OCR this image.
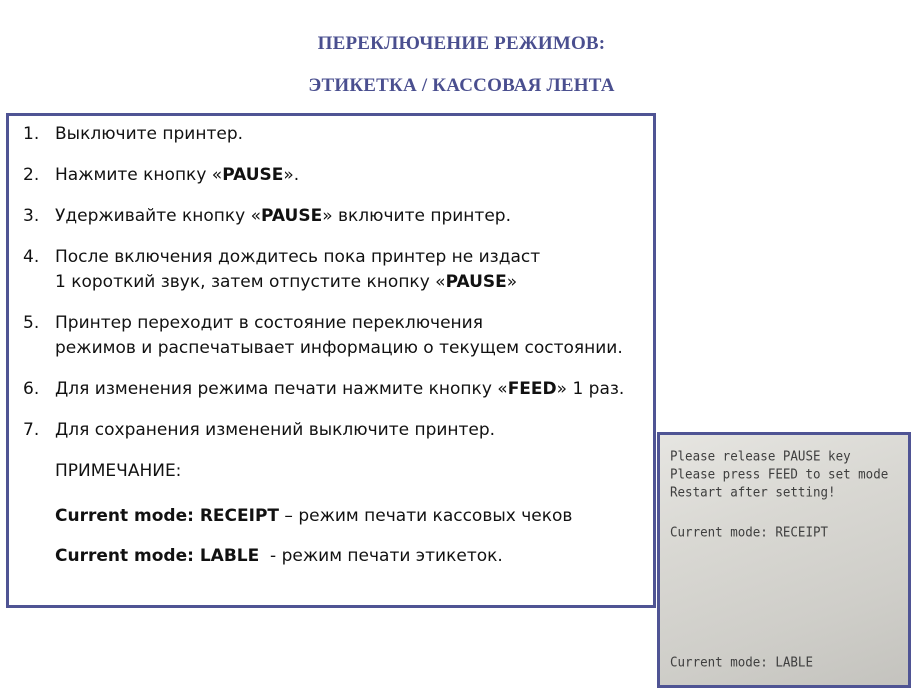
ПЕРЕКЛЮЧЕНИЕ РЕЖИМОВ:
ЭТИКЕТКА / КАССОВАЯ ЛЕНТА
1. Выключите принтер.
2. Нажмите кнопку «PAUSE».
3. Удерживайте кнопку «PAUSE» включите принтер.
4. После включения дождитесь пока принтер не издаст
1 короткий звук, затем отпустите кнопку «PAUSE»
5. Принтер переходит в состояние переключения
режимов и распечатывает информацию о текущем состоянии.
6. Для изменения режима печати нажмите кнопку «FEED» 1 раз.
7. Для сохранения изменений выключите принтер.
ПРИМЕЧАНИЕ:
Current mode: RECEIPT – режим печати кассовых чеков
Current mode: LABLE  - режим печати этикеток.
Please release PAUSE key
Please press FEED to set mode
Restart after setting!
Current mode: RECEIPT
Current mode: LABLE
